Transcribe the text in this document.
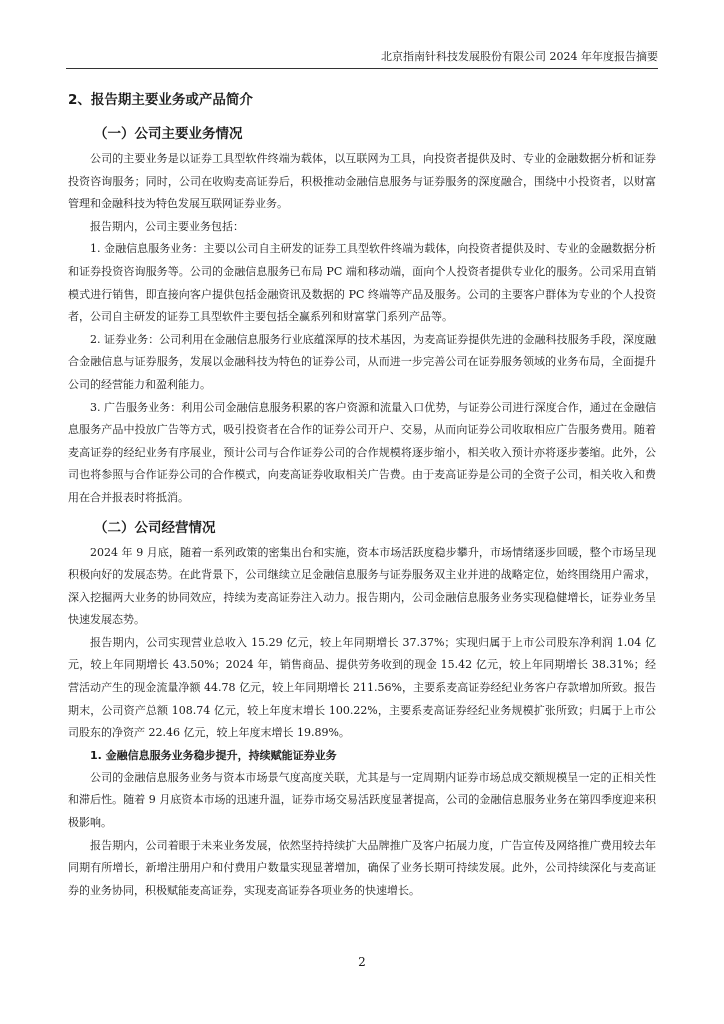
北京指南针科技发展股份有限公司 2024 年年度报告摘要
2、报告期主要业务或产品简介
（一）公司主要业务情况

公司的主要业务是以证券工具型软件终端为载体，以互联网为工具，向投资者提供及时、专业的金融数据分析和证券投资咨询服务；同时，公司在收购麦高证券后，积极推动金融信息服务与证券服务的深度融合，围绕中小投资者，以财富管理和金融科技为特色发展互联网证券业务。

报告期内，公司主要业务包括：

1. 金融信息服务业务：主要以公司自主研发的证券工具型软件终端为载体，向投资者提供及时、专业的金融数据分析和证券投资咨询服务等。公司的金融信息服务已布局 PC 端和移动端，面向个人投资者提供专业化的服务。公司采用直销模式进行销售，即直接向客户提供包括金融资讯及数据的 PC 终端等产品及服务。公司的主要客户群体为专业的个人投资者，公司自主研发的证券工具型软件主要包括全赢系列和财富掌门系列产品等。

2. 证券业务：公司利用在金融信息服务行业底蕴深厚的技术基因，为麦高证券提供先进的金融科技服务手段，深度融合金融信息与证券服务，发展以金融科技为特色的证券公司，从而进一步完善公司在证券服务领域的业务布局，全面提升公司的经营能力和盈利能力。

3. 广告服务业务：利用公司金融信息服务积累的客户资源和流量入口优势，与证券公司进行深度合作，通过在金融信息服务产品中投放广告等方式，吸引投资者在合作的证券公司开户、交易，从而向证券公司收取相应广告服务费用。随着麦高证券的经纪业务有序展业，预计公司与合作证券公司的合作规模将逐步缩小，相关收入预计亦将逐步萎缩。此外，公司也将参照与合作证券公司的合作模式，向麦高证券收取相关广告费。由于麦高证券是公司的全资子公司，相关收入和费用在合并报表时将抵消。

（二）公司经营情况

2024 年 9 月底，随着一系列政策的密集出台和实施，资本市场活跃度稳步攀升，市场情绪逐步回暖，整个市场呈现积极向好的发展态势。在此背景下，公司继续立足金融信息服务与证券服务双主业并进的战略定位，始终围绕用户需求，深入挖掘两大业务的协同效应，持续为麦高证券注入动力。报告期内，公司金融信息服务业务实现稳健增长，证券业务呈快速发展态势。

报告期内，公司实现营业总收入 15.29 亿元，较上年同期增长 37.37%；实现归属于上市公司股东净利润 1.04 亿元，较上年同期增长 43.50%；2024 年，销售商品、提供劳务收到的现金 15.42 亿元，较上年同期增长 38.31%；经营活动产生的现金流量净额 44.78 亿元，较上年同期增长 211.56%，主要系麦高证券经纪业务客户存款增加所致。报告期末，公司资产总额 108.74 亿元，较上年度末增长 100.22%，主要系麦高证券经纪业务规模扩张所致；归属于上市公司股东的净资产 22.46 亿元，较上年度末增长 19.89%。

1. 金融信息服务业务稳步提升，持续赋能证券业务

公司的金融信息服务业务与资本市场景气度高度关联，尤其是与一定周期内证券市场总成交额规模呈一定的正相关性和滞后性。随着 9 月底资本市场的迅速升温，证券市场交易活跃度显著提高，公司的金融信息服务业务在第四季度迎来积极影响。

报告期内，公司着眼于未来业务发展，依然坚持持续扩大品牌推广及客户拓展力度，广告宣传及网络推广费用较去年同期有所增长，新增注册用户和付费用户数量实现显著增加，确保了业务长期可持续发展。此外，公司持续深化与麦高证券的业务协同，积极赋能麦高证券，实现麦高证券各项业务的快速增长。

2
